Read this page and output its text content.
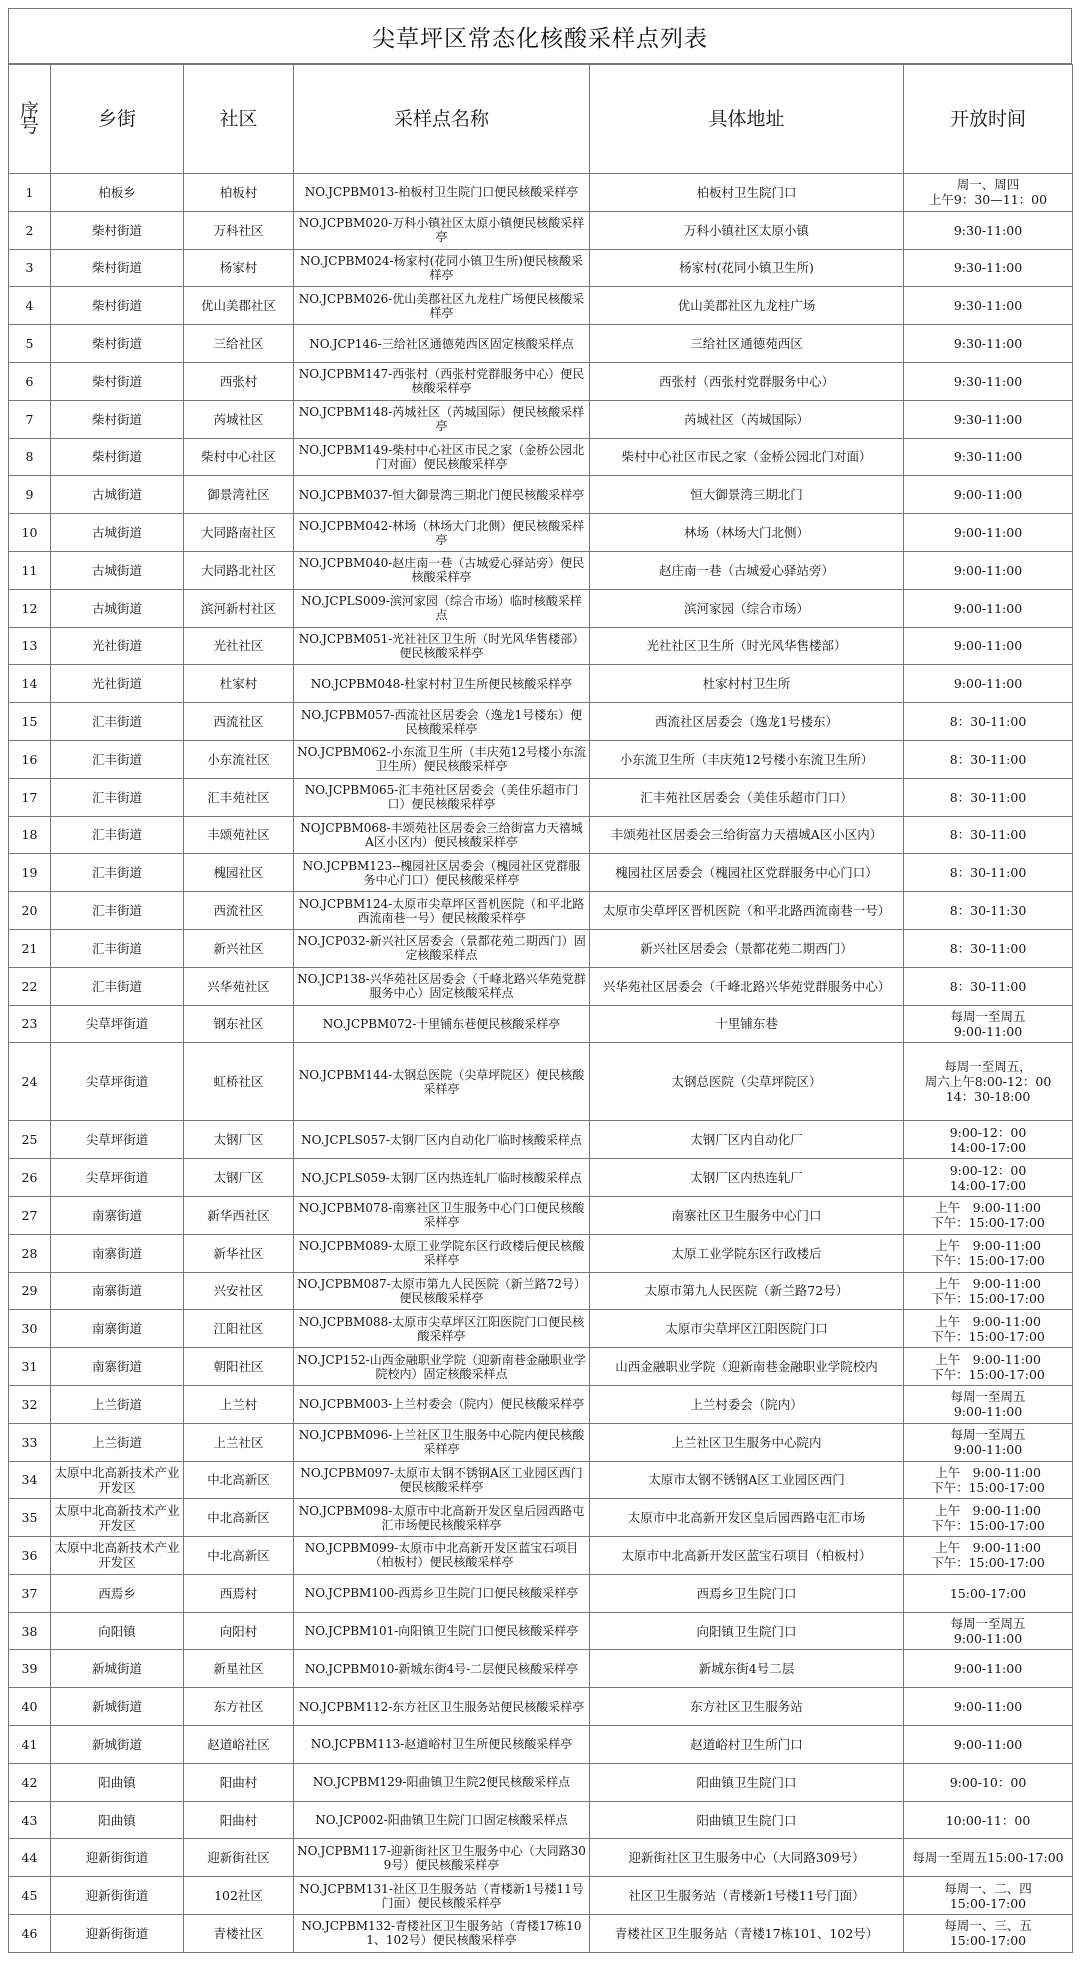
尖草坪区常态化核酸采样点列表
序号	乡街	社区	采样点名称	具体地址	开放时间
1	柏板乡	柏板村	NO.JCPBM013-柏板村卫生院门口便民核酸采样亭	柏板村卫生院门口	周一、周四
上午9：30—11：00
2	柴村街道	万科社区	NO.JCPBM020-万科小镇社区太原小镇便民核酸采样亭	万科小镇社区太原小镇	9:30-11:00
3	柴村街道	杨家村	NO.JCPBM024-杨家村(花同小镇卫生所)便民核酸采样亭	杨家村(花同小镇卫生所)	9:30-11:00
4	柴村街道	优山美郡社区	NO.JCPBM026-优山美郡社区九龙柱广场便民核酸采样亭	优山美郡社区九龙柱广场	9:30-11:00
5	柴村街道	三给社区	NO.JCP146-三给社区通德苑西区固定核酸采样点	三给社区通德苑西区	9:30-11:00
6	柴村街道	西张村	NO.JCPBM147-西张村（西张村党群服务中心）便民核酸采样亭	西张村（西张村党群服务中心）	9:30-11:00
7	柴村街道	芮城社区	NO.JCPBM148-芮城社区（芮城国际）便民核酸采样亭	芮城社区（芮城国际）	9:30-11:00
8	柴村街道	柴村中心社区	NO.JCPBM149-柴村中心社区市民之家（金桥公园北门对面）便民核酸采样亭	柴村中心社区市民之家（金桥公园北门对面）	9:30-11:00
9	古城街道	御景湾社区	NO.JCPBM037-恒大御景湾三期北门便民核酸采样亭	恒大御景湾三期北门	9:00-11:00
10	古城街道	大同路南社区	NO.JCPBM042-林场（林场大门北侧）便民核酸采样亭	林场（林场大门北侧）	9:00-11:00
11	古城街道	大同路北社区	NO.JCPBM040-赵庄南一巷（古城爱心驿站旁）便民核酸采样亭	赵庄南一巷（古城爱心驿站旁）	9:00-11:00
12	古城街道	滨河新村社区	NO.JCPLS009-滨河家园（综合市场）临时核酸采样点	滨河家园（综合市场）	9:00-11:00
13	光社街道	光社社区	NO.JCPBM051-光社社区卫生所（时光风华售楼部）便民核酸采样亭	光社社区卫生所（时光风华售楼部）	9:00-11:00
14	光社街道	杜家村	NO.JCPBM048-杜家村村卫生所便民核酸采样亭	杜家村村卫生所	9:00-11:00
15	汇丰街道	西流社区	NO.JCPBM057-西流社区居委会（逸龙1号楼东）便民核酸采样亭	西流社区居委会（逸龙1号楼东）	8：30-11:00
16	汇丰街道	小东流社区	NO.JCPBM062-小东流卫生所（丰庆苑12号楼小东流卫生所）便民核酸采样亭	小东流卫生所（丰庆苑12号楼小东流卫生所）	8：30-11:00
17	汇丰街道	汇丰苑社区	NO.JCPBM065-汇丰苑社区居委会（美佳乐超市门口）便民核酸采样亭	汇丰苑社区居委会（美佳乐超市门口）	8：30-11:00
18	汇丰街道	丰颂苑社区	NOJCPBM068-丰颂苑社区居委会三给街富力天禧城A区小区内）便民核酸采样亭	丰颂苑社区居委会三给街富力天禧城A区小区内）	8：30-11:00
19	汇丰街道	槐园社区	NO.JCPBM123--槐园社区居委会（槐园社区党群服务中心门口）便民核酸采样亭	槐园社区居委会（槐园社区党群服务中心门口）	8：30-11:00
20	汇丰街道	西流社区	NO.JCPBM124-太原市尖草坪区晋机医院（和平北路西流南巷一号）便民核酸采样亭	太原市尖草坪区晋机医院（和平北路西流南巷一号）	8：30-11:30
21	汇丰街道	新兴社区	NO.JCP032-新兴社区居委会（景都花苑二期西门）固定核酸采样点	新兴社区居委会（景都花苑二期西门）	8：30-11:00
22	汇丰街道	兴华苑社区	NO.JCP138-兴华苑社区居委会（千峰北路兴华苑党群服务中心）固定核酸采样点	兴华苑社区居委会（千峰北路兴华苑党群服务中心）	8：30-11:00
23	尖草坪街道	钢东社区	NO.JCPBM072-十里铺东巷便民核酸采样亭	十里铺东巷	每周一至周五
9:00-11:00
24	尖草坪街道	虹桥社区	NO.JCPBM144-太钢总医院（尖草坪院区）便民核酸采样亭	太钢总医院（尖草坪院区）	每周一至周五，
周六上午8:00-12：00
14：30-18:00
25	尖草坪街道	太钢厂区	NO.JCPLS057-太钢厂区内自动化厂临时核酸采样点	太钢厂区内自动化厂	9:00-12：00
14:00-17:00
26	尖草坪街道	太钢厂区	NO.JCPLS059-太钢厂区内热连轧厂临时核酸采样点	太钢厂区内热连轧厂	9:00-12：00
14:00-17:00
27	南寨街道	新华西社区	NO.JCPBM078-南寨社区卫生服务中心门口便民核酸采样亭	南寨社区卫生服务中心门口	上午　9:00-11:00
下午：15:00-17:00
28	南寨街道	新华社区	NO.JCPBM089-太原工业学院东区行政楼后便民核酸采样亭	太原工业学院东区行政楼后	上午　9:00-11:00
下午：15:00-17:00
29	南寨街道	兴安社区	NO.JCPBM087-太原市第九人民医院（新兰路72号）便民核酸采样亭	太原市第九人民医院（新兰路72号）	上午　9:00-11:00
下午：15:00-17:00
30	南寨街道	江阳社区	NO.JCPBM088-太原市尖草坪区江阳医院门口便民核酸采样亭	太原市尖草坪区江阳医院门口	上午　9:00-11:00
下午：15:00-17:00
31	南寨街道	朝阳社区	NO.JCP152-山西金融职业学院（迎新南巷金融职业学院校内）固定核酸采样点	山西金融职业学院（迎新南巷金融职业学院校内	上午　9:00-11:00
下午：15:00-17:00
32	上兰街道	上兰村	NO.JCPBM003-上兰村委会（院内）便民核酸采样亭	上兰村委会（院内）	每周一至周五
9:00-11:00
33	上兰街道	上兰社区	NO.JCPBM096-上兰社区卫生服务中心院内便民核酸采样亭	上兰社区卫生服务中心院内	每周一至周五
9:00-11:00
34	太原中北高新技术产业开发区	中北高新区	NO.JCPBM097-太原市太钢不锈钢A区工业园区西门便民核酸采样亭	太原市太钢不锈钢A区工业园区西门	上午　9:00-11:00
下午：15:00-17:00
35	太原中北高新技术产业开发区	中北高新区	NO.JCPBM098-太原市中北高新开发区皇后园西路屯汇市场便民核酸采样亭	太原市中北高新开发区皇后园西路屯汇市场	上午　9:00-11:00
下午：15:00-17:00
36	太原中北高新技术产业开发区	中北高新区	NO.JCPBM099-太原市中北高新开发区蓝宝石项目（柏板村）便民核酸采样亭	太原市中北高新开发区蓝宝石项目（柏板村）	上午　9:00-11:00
下午：15:00-17:00
37	西焉乡	西焉村	NO.JCPBM100-西焉乡卫生院门口便民核酸采样亭	西焉乡卫生院门口	15:00-17:00
38	向阳镇	向阳村	NO.JCPBM101-向阳镇卫生院门口便民核酸采样亭	向阳镇卫生院门口	每周一至周五
9:00-11:00
39	新城街道	新星社区	NO.JCPBM010-新城东街4号-二层便民核酸采样亭	新城东街4号二层	9:00-11:00
40	新城街道	东方社区	NO.JCPBM112-东方社区卫生服务站便民核酸采样亭	东方社区卫生服务站	9:00-11:00
41	新城街道	赵道峪社区	NO.JCPBM113-赵道峪村卫生所便民核酸采样亭	赵道峪村卫生所门口	9:00-11:00
42	阳曲镇	阳曲村	NO.JCPBM129-阳曲镇卫生院2便民核酸采样点	阳曲镇卫生院门口	9:00-10：00
43	阳曲镇	阳曲村	NO.JCP002-阳曲镇卫生院门口固定核酸采样点	阳曲镇卫生院门口	10:00-11：00
44	迎新街街道	迎新街社区	NO.JCPBM117-迎新街社区卫生服务中心（大同路309号）便民核酸采样亭	迎新街社区卫生服务中心（大同路309号）	每周一至周五15:00-17:00
45	迎新街街道	102社区	NO.JCPBM131-社区卫生服务站（青楼新1号楼11号门面）便民核酸采样亭	社区卫生服务站（青楼新1号楼11号门面）	每周一、二、四
15:00-17:00
46	迎新街街道	青楼社区	NO.JCPBM132-青楼社区卫生服务站（青楼17栋101、102号）便民核酸采样亭	青楼社区卫生服务站（青楼17栋101、102号）	每周一、三、五
15:00-17:00
